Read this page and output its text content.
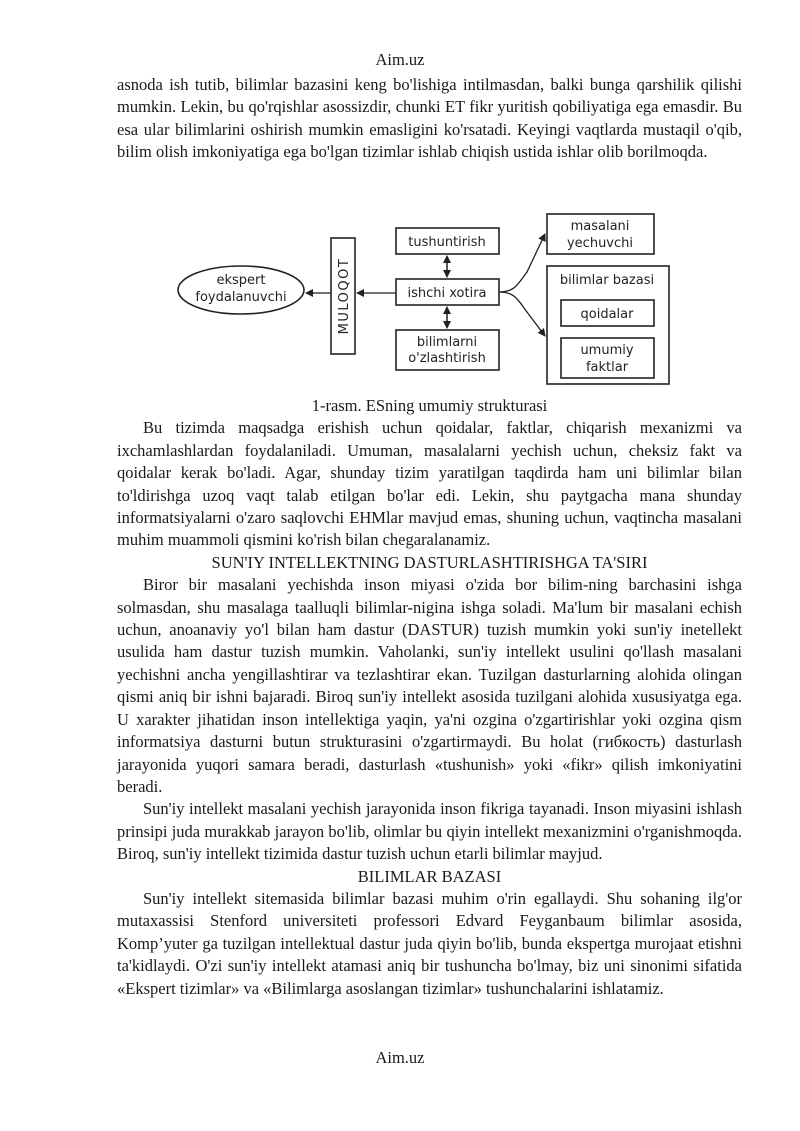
Aim.uz

asnoda ish tutib, bilimlar bazasini keng bo'lishiga intilmasdan, balki bunga qarshilik qilishi mumkin. Lekin, bu qo'rqishlar asossizdir, chunki ET fikr yuritish qobiliyatiga ega emasdir. Bu esa ular bilimlarini oshirish mumkin emasligini ko'rsatadi. Keyingi vaqtlarda mustaqil o'qib, bilim olish imkoniyatiga ega bo'lgan tizimlar ishlab chiqish ustida ishlar olib borilmoqda.

ekspert
foydalanuvchi	MULOQOT
tushuntirish
ishchi xotira
bilimlarni
o'zlashtirish
masalani
yechuvchi
bilimlar bazasi
qoidalar
umumiy
faktlar

1-rasm. ESning umumiy strukturasi

Bu tizimda maqsadga erishish uchun qoidalar, faktlar, chiqarish mexanizmi va ixchamlashlardan foydalaniladi. Umuman, masalalarni yechish uchun, cheksiz fakt va qoidalar kerak bo'ladi. Agar, shunday tizim yaratilgan taqdirda ham uni bilimlar bilan to'ldirishga uzoq vaqt talab etilgan bo'lar edi. Lekin, shu paytgacha mana shunday informatsiyalarni o'zaro saqlovchi EHMlar mavjud emas, shuning uchun, vaqtincha masalani muhim muammoli qismini ko'rish bilan chegaralanamiz.

SUN'IY INTELLEKTNING DASTURLASHTIRISHGA TA'SIRI

Biror bir masalani yechishda inson miyasi o'zida bor bilim-ning barchasini ishga solmasdan, shu masalaga taalluqli bilimlar-nigina ishga soladi. Ma'lum bir masalani echish uchun, anoanaviy yo'l bilan ham dastur (DASTUR) tuzish mumkin yoki sun'iy inetellekt usulida ham dastur tuzish mumkin. Vaholanki, sun'iy intellekt usulini qo'llash masalani yechishni ancha yengillashtirar va tezlashtirar ekan. Tuzilgan dasturlarning alohida olingan qismi aniq bir ishni bajaradi. Biroq sun'iy intellekt asosida tuzilgani alohida xususiyatga ega. U xarakter jihatidan inson intellektiga yaqin, ya'ni ozgina o'zgartirishlar yoki ozgina qism informatsiya dasturni butun strukturasini o'zgartirmaydi. Bu holat (гибкость) dasturlash jarayonida yuqori samara beradi, dasturlash «tushunish» yoki «fikr» qilish imkoniyatini beradi.

Sun'iy intellekt masalani yechish jarayonida inson fikriga tayanadi. Inson miyasini ishlash prinsipi juda murakkab jarayon bo'lib, olimlar bu qiyin intellekt mexanizmini o'rganishmoqda. Biroq, sun'iy intellekt tizimida dastur tuzish uchun etarli bilimlar mayjud.

BILIMLAR BAZASI

Sun'iy intellekt sitemasida bilimlar bazasi muhim o'rin egallaydi. Shu sohaning ilg'or mutaxassisi Stenford universiteti professori Edvard Feyganbaum bilimlar asosida, Komp’yuter ga tuzilgan intellektual dastur juda qiyin bo'lib, bunda ekspertga murojaat etishni ta'kidlaydi. O'zi sun'iy intellekt atamasi aniq bir tushuncha bo'lmay, biz uni sinonimi sifatida «Ekspert tizimlar» va «Bilimlarga asoslangan tizimlar» tushunchalarini ishlatamiz.

Aim.uz
